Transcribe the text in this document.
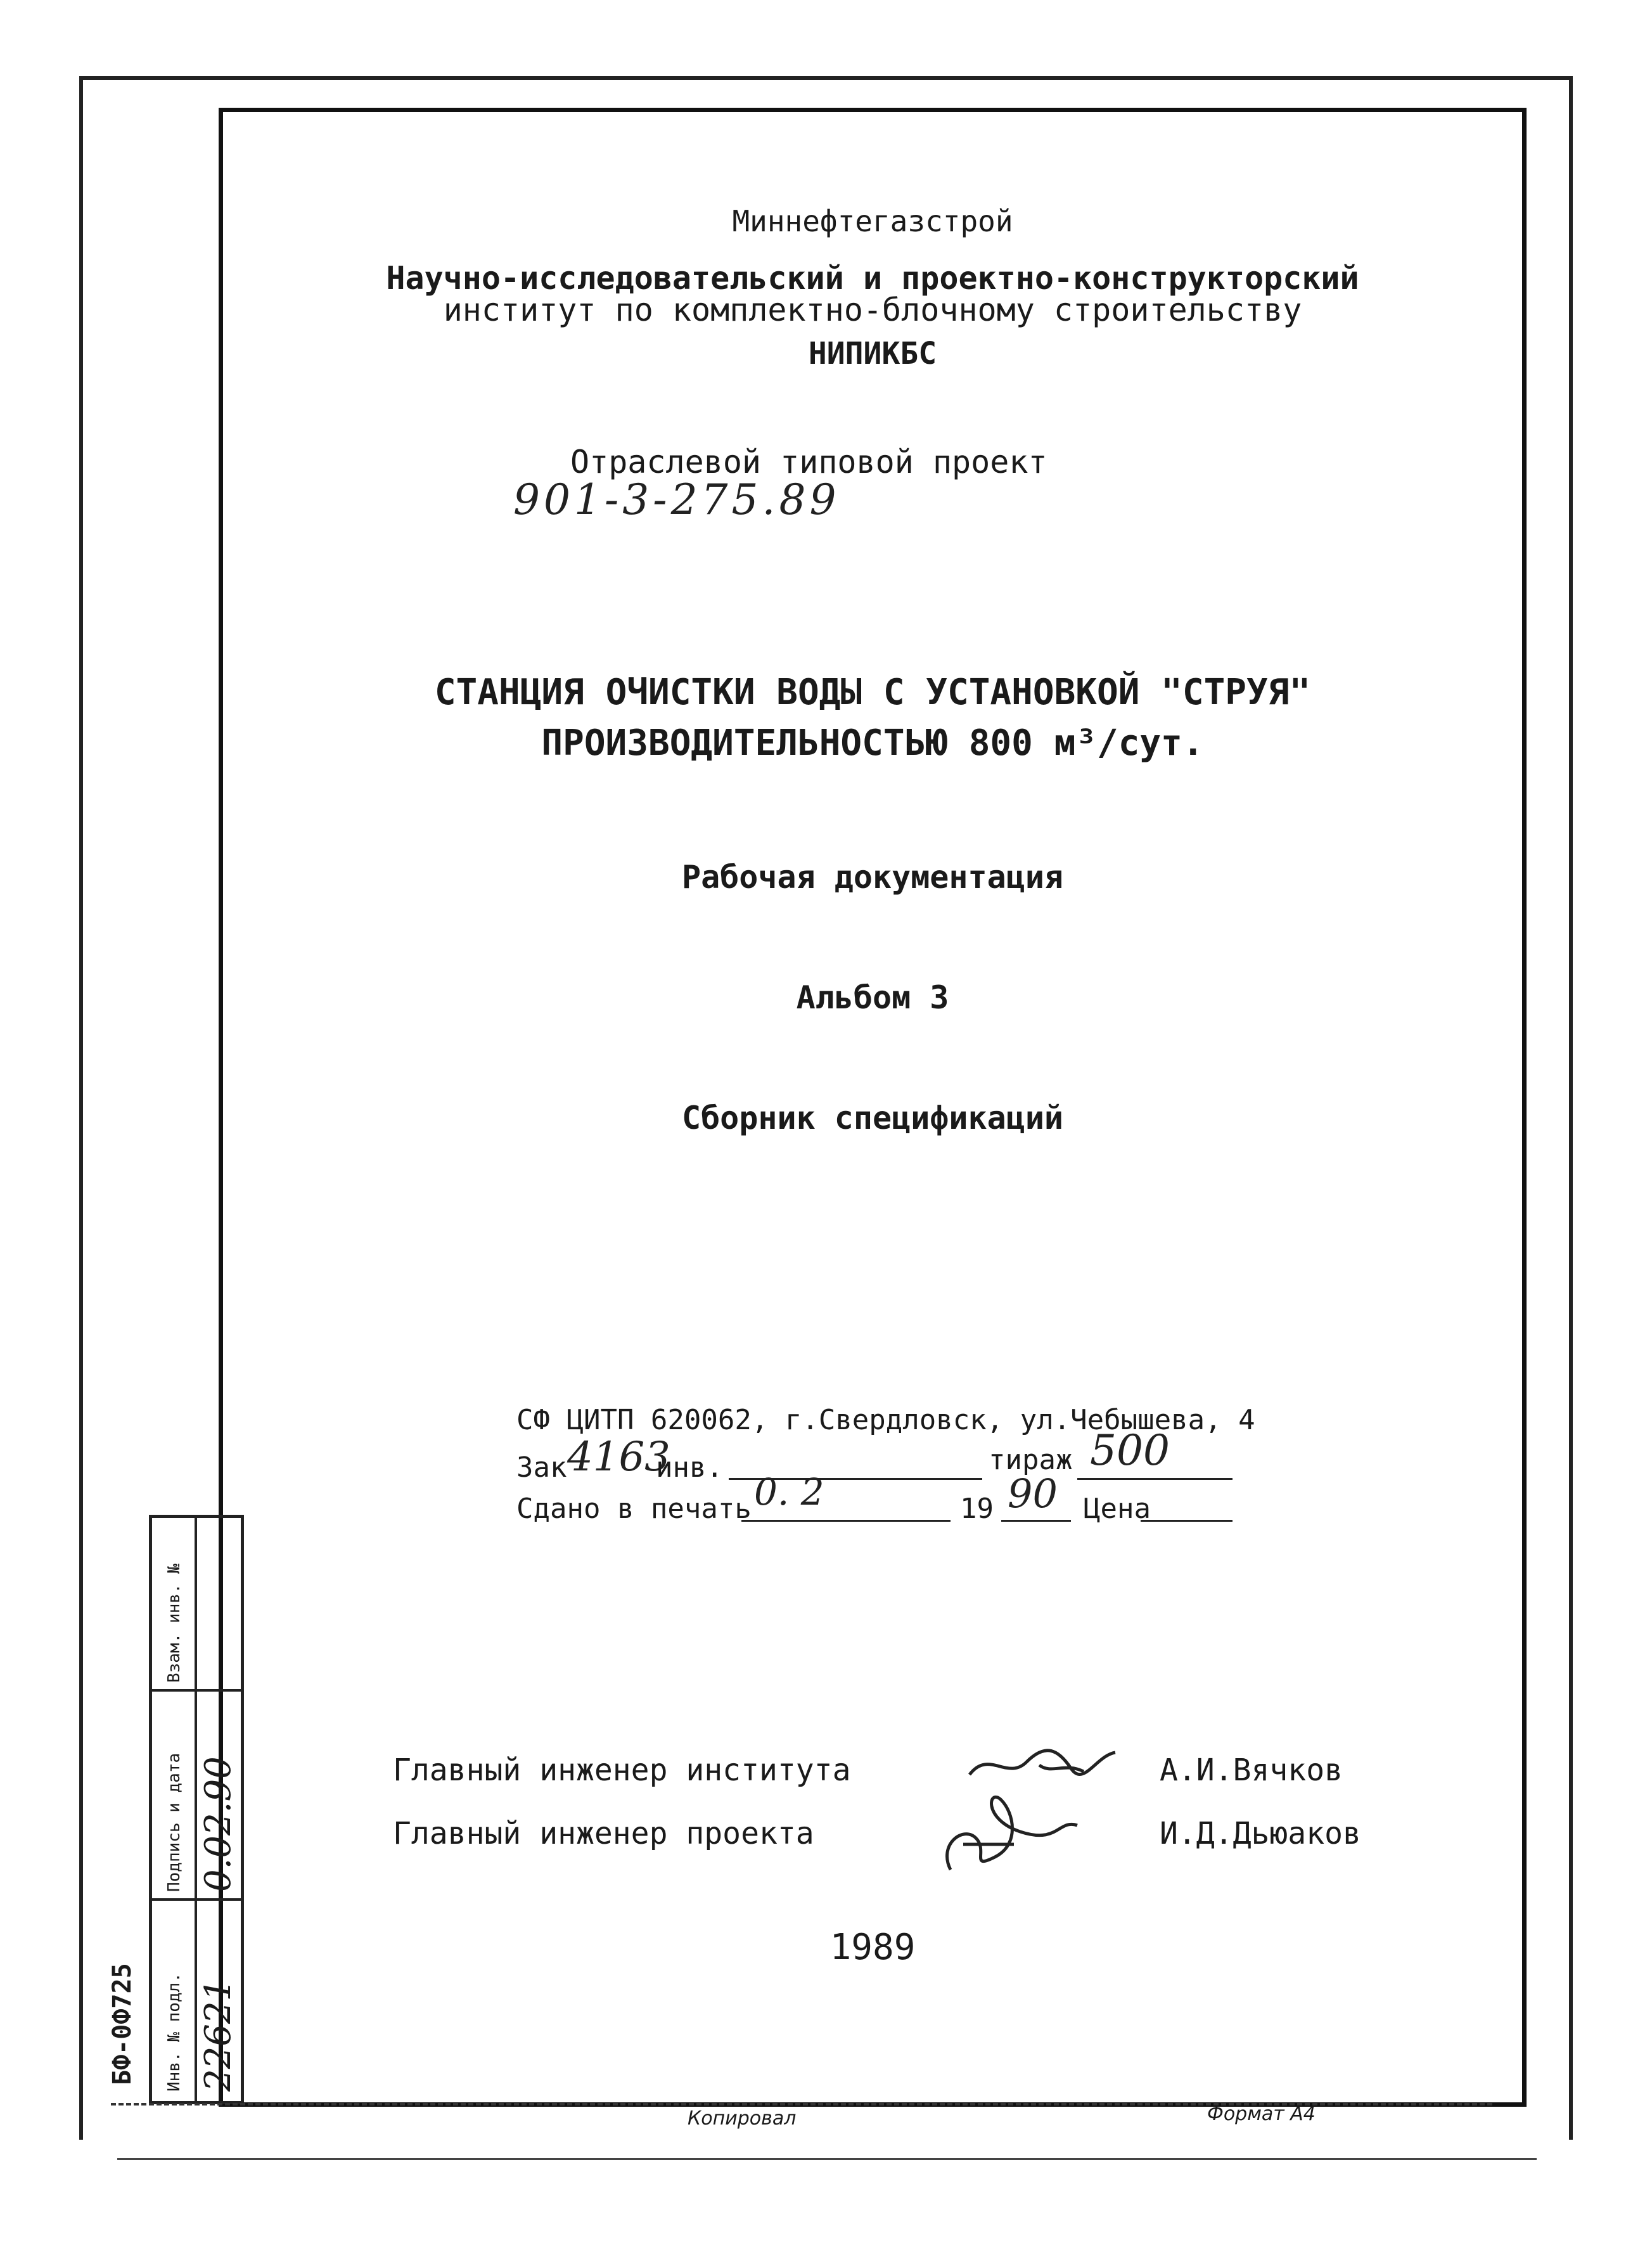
Миннефтегазстрой
Научно-исследовательский и проектно-конструкторский
институт по комплектно-блочному строительству
НИПИКБС
Отраслевой типовой проект
901-3-275.89
СТАНЦИЯ ОЧИСТКИ ВОДЫ С УСТАНОВКОЙ "СТРУЯ"
ПРОИЗВОДИТЕЛЬНОСТЬЮ 800 м³/сут.
Рабочая документация
Альбом 3
Сборник спецификаций
СФ ЦИТП 620062, г.Свердловск, ул.Чебышева, 4
Зак 4163
инв.	тираж 500
Сдано в печать 0. 2	19 90 Цена
Главный инженер института	А.И.Вячков
Главный инженер проекта	И.Д.Дьюаков
1989
Инв. № подл. 22621
Подпись и дата 0.02.90
Взам. инв. №
БФ-0Ф725
Копировал	Формат А4
